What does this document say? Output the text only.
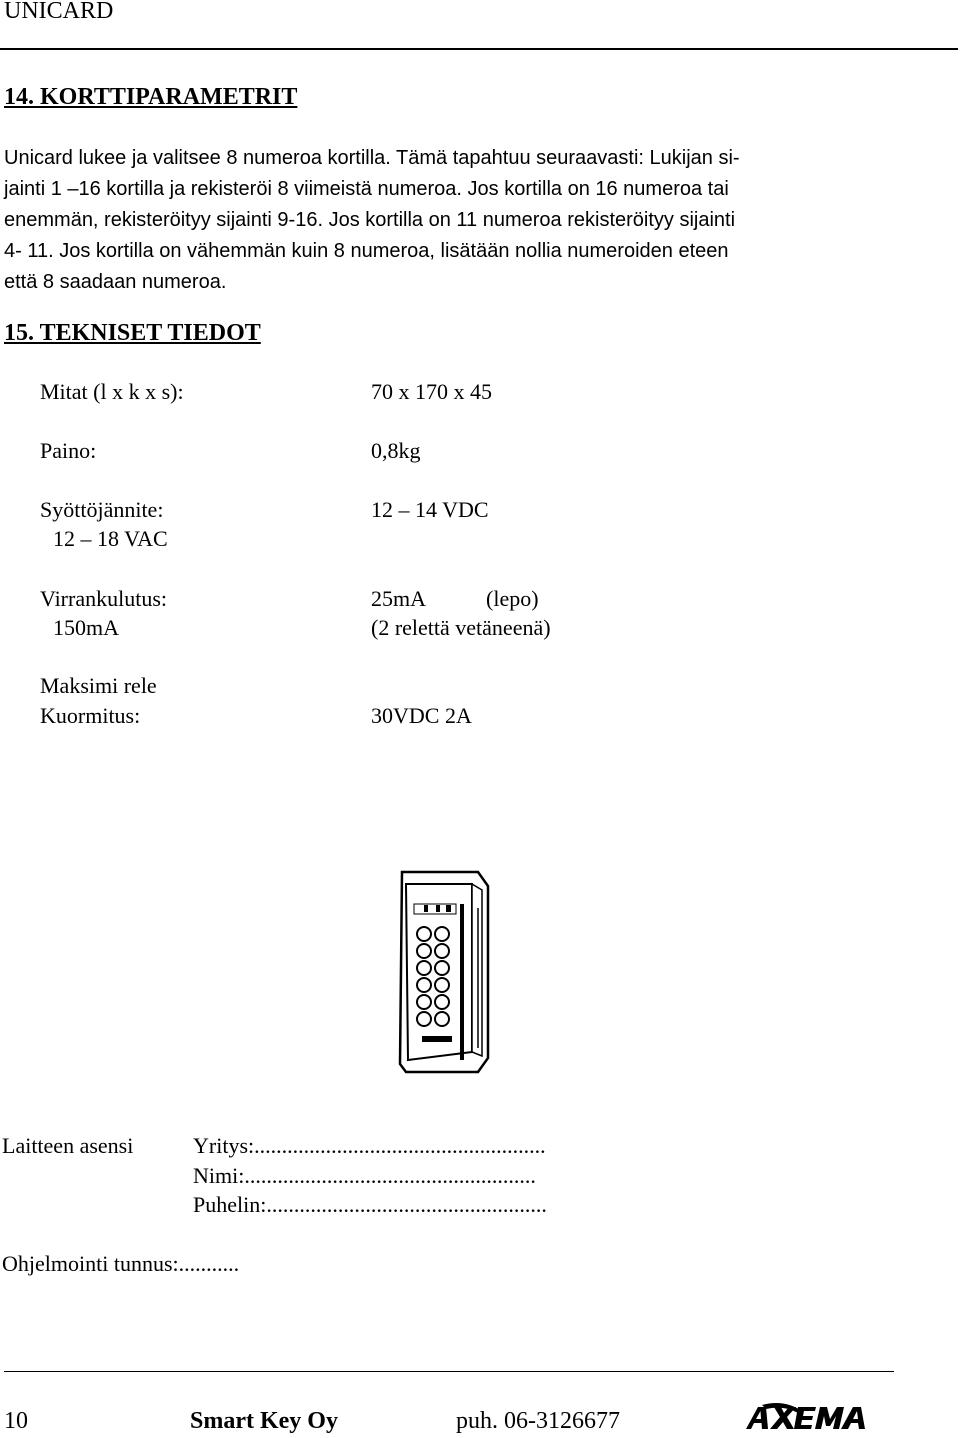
UNICARD
14. KORTTIPARAMETRIT
Unicard lukee ja valitsee 8 numeroa kortilla. Tämä tapahtuu seuraavasti: Lukijan si-
jainti 1 –16 kortilla ja rekisteröi 8 viimeistä numeroa. Jos kortilla on 16 numeroa tai
enemmän, rekisteröityy sijainti 9-16. Jos kortilla on 11 numeroa rekisteröityy sijainti
4- 11. Jos kortilla on vähemmän kuin 8 numeroa, lisätään nollia numeroiden eteen
että 8 saadaan numeroa.
15. TEKNISET TIEDOT
Mitat (l x k x s):	70 x 170 x 45
Paino:	0,8kg
Syöttöjännite:	12 – 14 VDC
12 – 18 VAC
Virrankulutus:	25mA	(lepo)
150mA	(2 relettä vetäneenä)
Maksimi rele
Kuormitus:	30VDC 2A
Laitteen asensi	Yritys:.....................................................
Nimi:.....................................................
Puhelin:...................................................
Ohjelmointi tunnus:...........
10	Smart Key Oy	puh. 06-3126677
